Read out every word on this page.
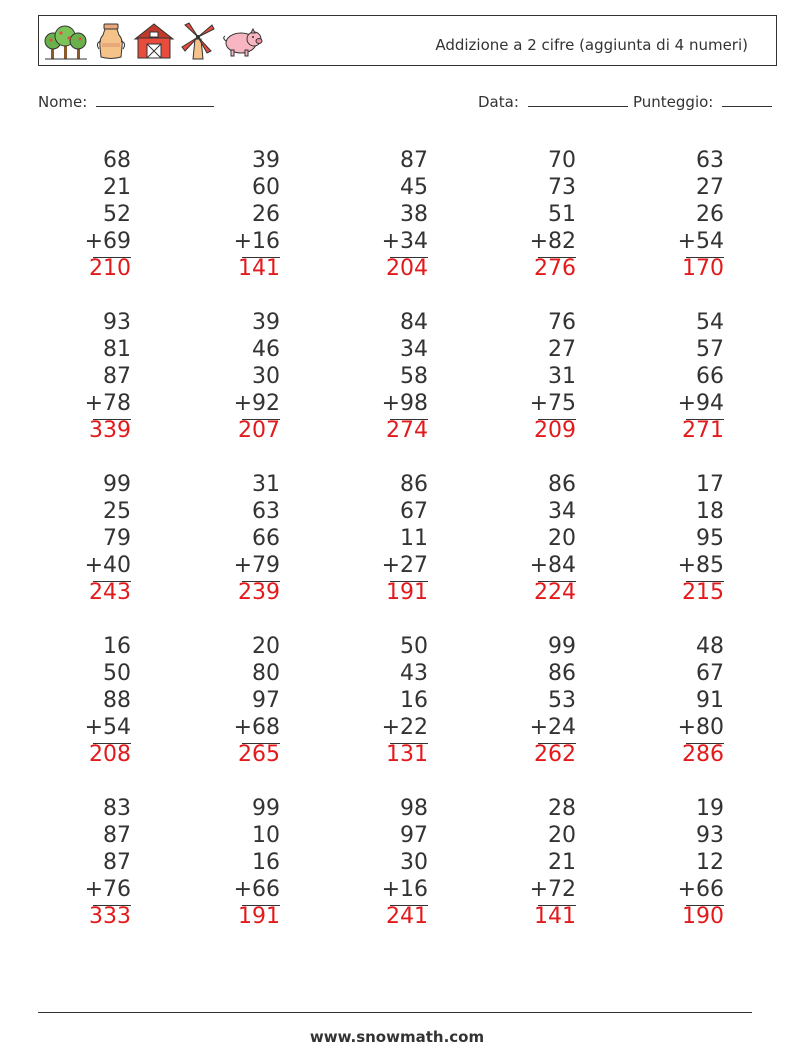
Addizione a 2 cifre (aggiunta di 4 numeri)
Nome:	Data:	Punteggio:
68
21
52
+69
210
39
60
26
+16
141
87
45
38
+34
204
70
73
51
+82
276
63
27
26
+54
170
93
81
87
+78
339
39
46
30
+92
207
84
34
58
+98
274
76
27
31
+75
209
54
57
66
+94
271
99
25
79
+40
243
31
63
66
+79
239
86
67
11
+27
191
86
34
20
+84
224
17
18
95
+85
215
16
50
88
+54
208
20
80
97
+68
265
50
43
16
+22
131
99
86
53
+24
262
48
67
91
+80
286
83
87
87
+76
333
99
10
16
+66
191
98
97
30
+16
241
28
20
21
+72
141
19
93
12
+66
190
www.snowmath.com
